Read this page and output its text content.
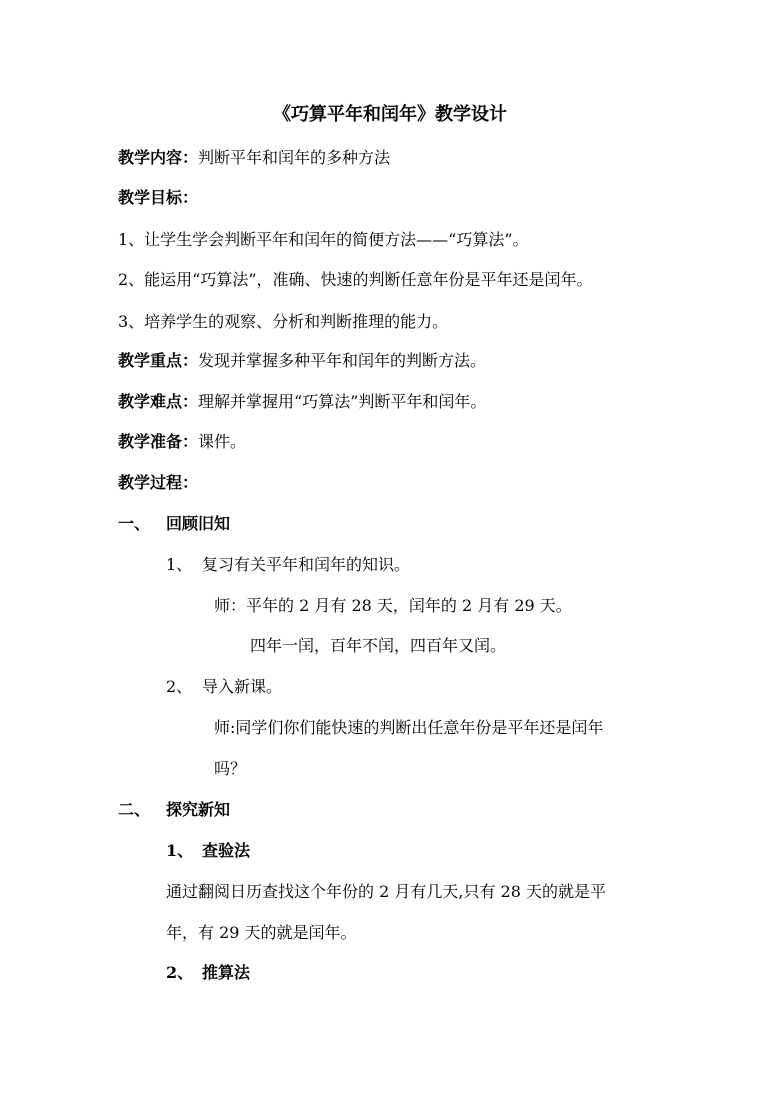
《巧算平年和闰年》教学设计
教学内容：判断平年和闰年的多种方法
教学目标：
1、让学生学会判断平年和闰年的简便方法——“巧算法”。
2、能运用“巧算法”，准确、快速的判断任意年份是平年还是闰年。
3、培养学生的观察、分析和判断推理的能力。
教学重点：发现并掌握多种平年和闰年的判断方法。
教学难点：理解并掌握用“巧算法”判断平年和闰年。
教学准备：课件。
教学过程：
一、 回顾旧知
1、 复习有关平年和闰年的知识。
师：平年的 2 月有 28 天，闰年的 2 月有 29 天。
四年一闰，百年不闰，四百年又闰。
2、 导入新课。
师:同学们你们能快速的判断出任意年份是平年还是闰年
吗？
二、 探究新知
1、 查验法
通过翻阅日历查找这个年份的 2 月有几天,只有 28 天的就是平
年，有 29 天的就是闰年。
2、 推算法
